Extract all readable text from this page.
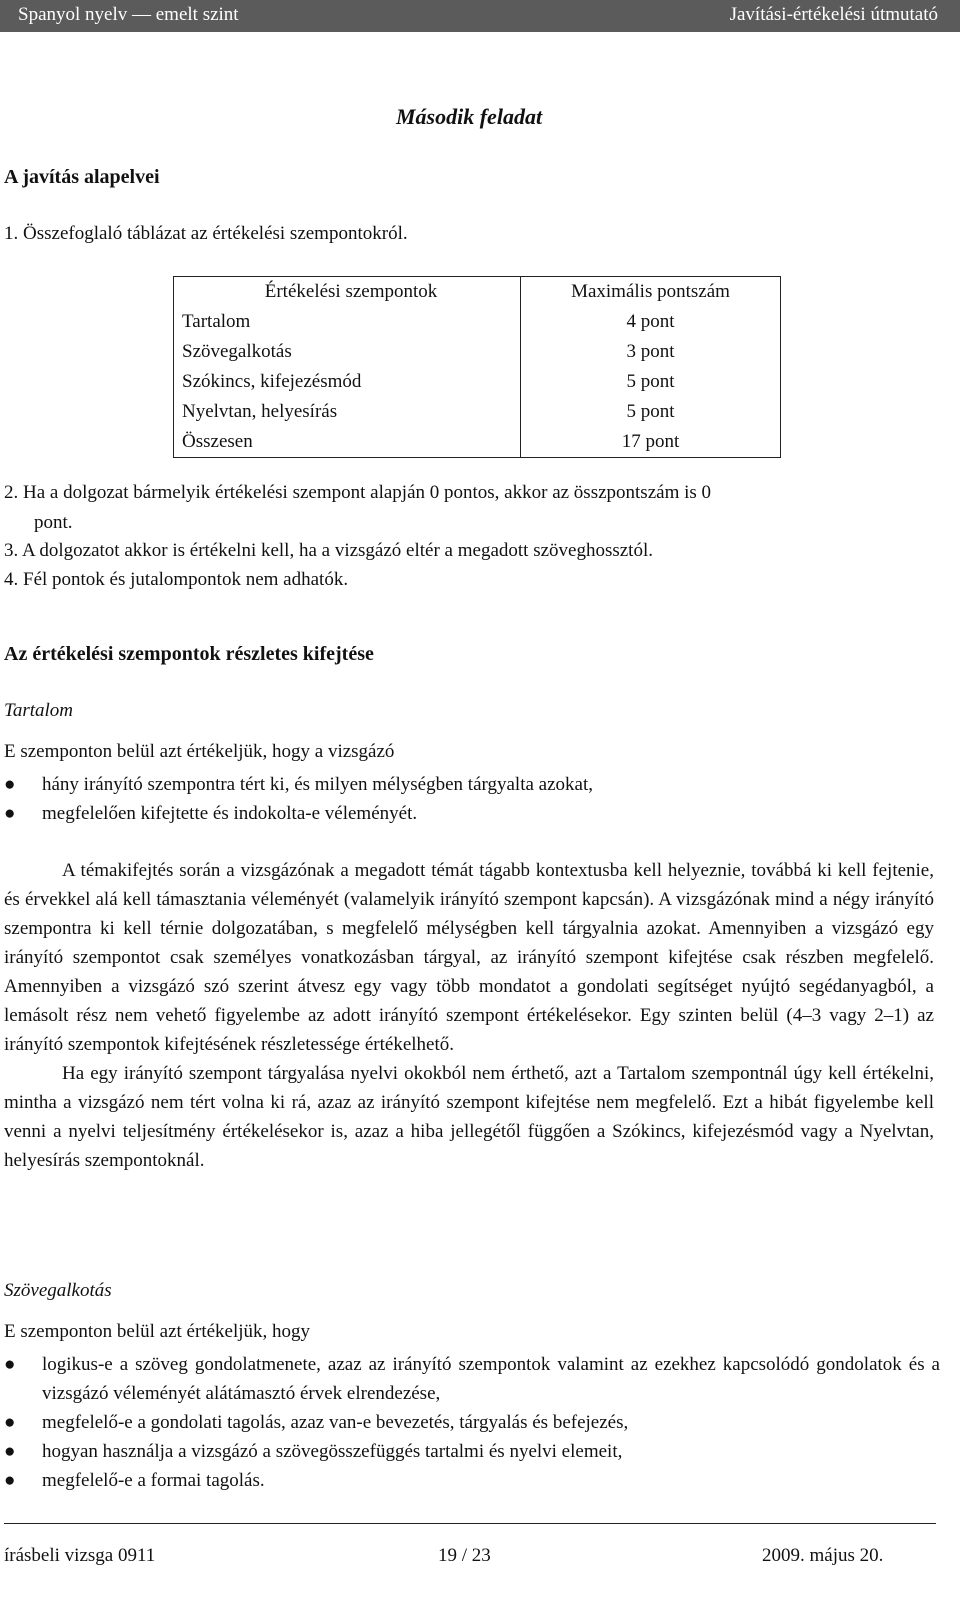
Spanyol nyelv — emelt szint	Javítási-értékelési útmutató
Második feladat
A javítás alapelvei
1. Összefoglaló táblázat az értékelési szempontokról.
Értékelési szempontok	Maximális pontszám
Tartalom	4 pont
Szövegalkotás	3 pont
Szókincs, kifejezésmód	5 pont
Nyelvtan, helyesírás	5 pont
Összesen	17 pont
2. Ha a dolgozat bármelyik értékelési szempont alapján 0 pontos, akkor az összpontszám is 0
pont.
3. A dolgozatot akkor is értékelni kell, ha a vizsgázó eltér a megadott szöveghossztól.
4. Fél pontok és jutalompontok nem adhatók.
Az értékelési szempontok részletes kifejtése
Tartalom
E szemponton belül azt értékeljük, hogy a vizsgázó
● hány irányító szempontra tért ki, és milyen mélységben tárgyalta azokat,
● megfelelően kifejtette és indokolta-e véleményét.

A témakifejtés során a vizsgázónak a megadott témát tágabb kontextusba kell helyeznie, továbbá ki kell fejtenie, és érvekkel alá kell támasztania véleményét (valamelyik irányító szempont kapcsán). A vizsgázónak mind a négy irányító szempontra ki kell térnie dolgozatában, s megfelelő mélységben kell tárgyalnia azokat. Amennyiben a vizsgázó egy irányító szempontot csak személyes vonatkozásban tárgyal, az irányító szempont kifejtése csak részben megfelelő. Amennyiben a vizsgázó szó szerint átvesz egy vagy több mondatot a gondolati segítséget nyújtó segédanyagból, a lemásolt rész nem vehető figyelembe az adott irányító szempont értékelésekor. Egy szinten belül (4–3 vagy 2–1) az irányító szempontok kifejtésének részletessége értékelhető.

Ha egy irányító szempont tárgyalása nyelvi okokból nem érthető, azt a Tartalom szempontnál úgy kell értékelni, mintha a vizsgázó nem tért volna ki rá, azaz az irányító szempont kifejtése nem megfelelő. Ezt a hibát figyelembe kell venni a nyelvi teljesítmény értékelésekor is, azaz a hiba jellegétől függően a Szókincs, kifejezésmód vagy a Nyelvtan, helyesírás szempontoknál.

Szövegalkotás
E szemponton belül azt értékeljük, hogy
● logikus-e a szöveg gondolatmenete, azaz az irányító szempontok valamint az ezekhez kapcsolódó gondolatok és a vizsgázó véleményét alátámasztó érvek elrendezése,
● megfelelő-e a gondolati tagolás, azaz van-e bevezetés, tárgyalás és befejezés,
● hogyan használja a vizsgázó a szövegösszefüggés tartalmi és nyelvi elemeit,
● megfelelő-e a formai tagolás.
írásbeli vizsga 0911	19 / 23	2009. május 20.
